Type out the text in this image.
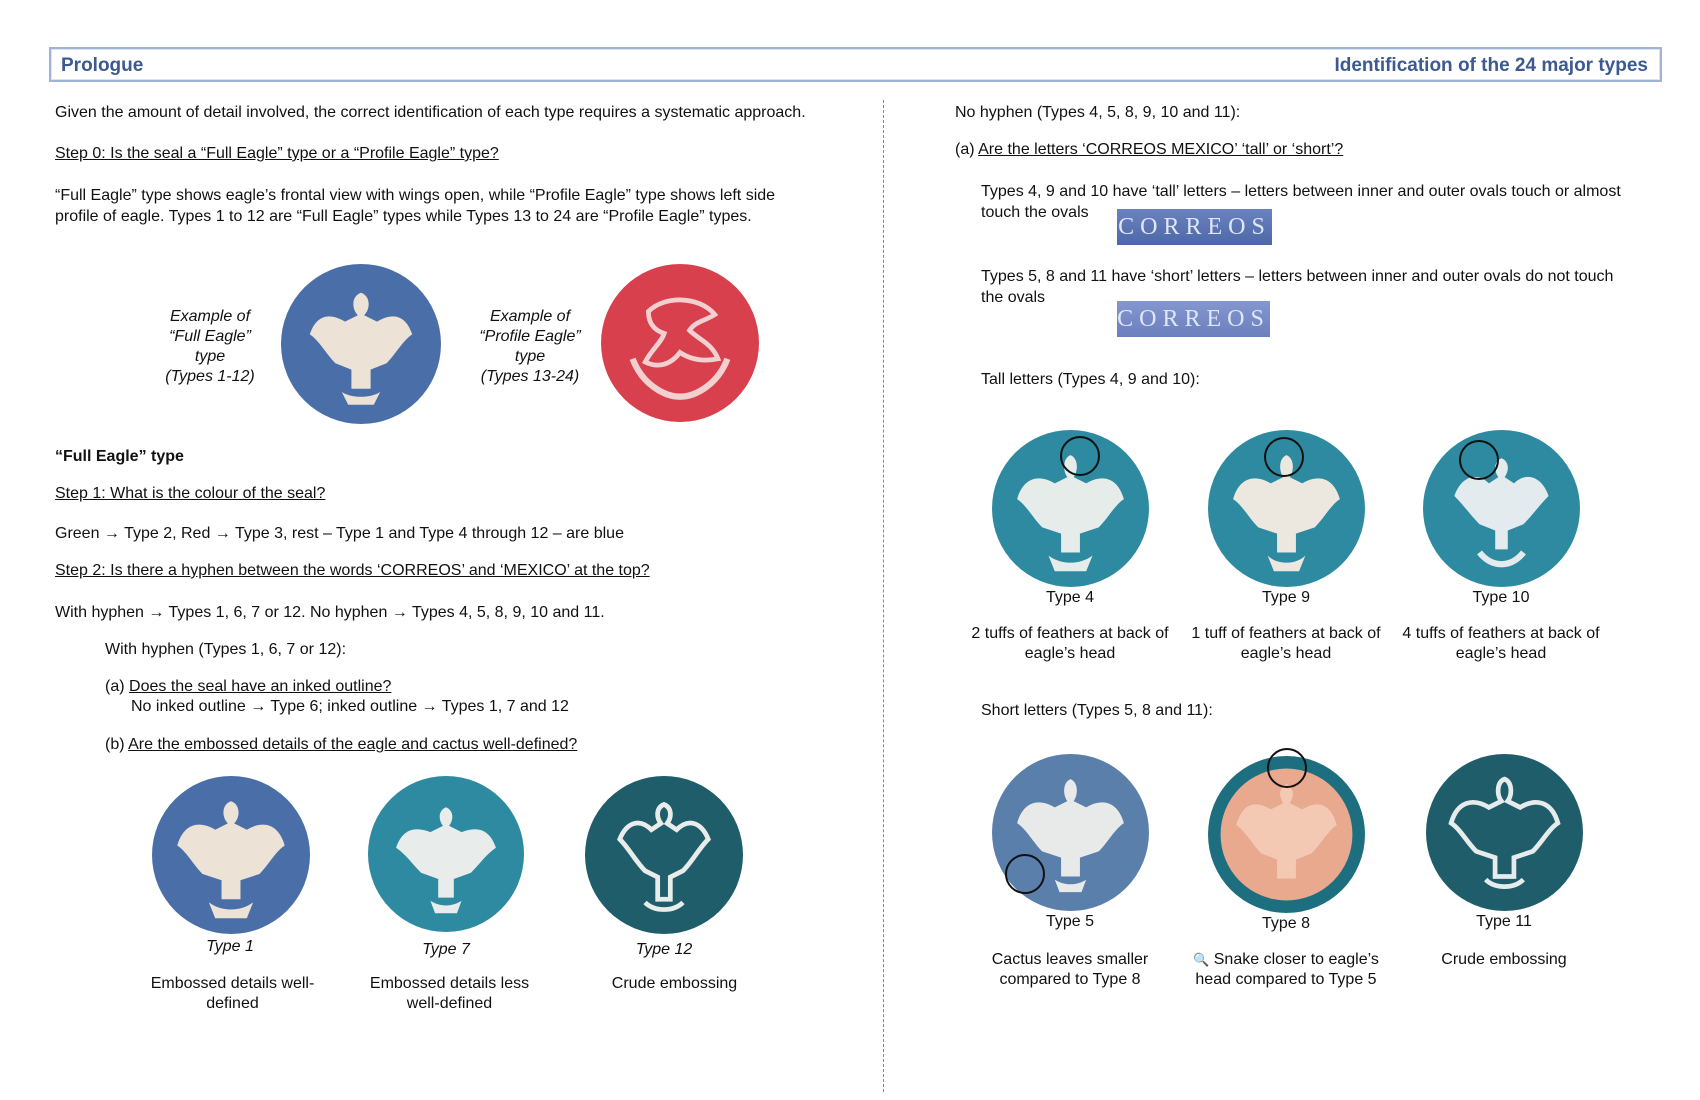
Prologue	Identification of the 24 major types
Given the amount of detail involved, the correct identification of each type requires a systematic approach.
Step 0: Is the seal a “Full Eagle” type or a “Profile Eagle” type?
“Full Eagle” type shows eagle’s frontal view with wings open, while “Profile Eagle” type shows left side
profile of eagle. Types 1 to 12 are “Full Eagle” types while Types 13 to 24 are “Profile Eagle” types.
Example of
“Full Eagle”
type
(Types 1-12)
Example of
“Profile Eagle”
type
(Types 13-24)
“Full Eagle” type
Step 1: What is the colour of the seal?
Green → Type 2, Red → Type 3, rest – Type 1 and Type 4 through 12 – are blue
Step 2: Is there a hyphen between the words ‘CORREOS’ and ‘MEXICO’ at the top?
With hyphen → Types 1, 6, 7 or 12. No hyphen → Types 4, 5, 8, 9, 10 and 11.
With hyphen (Types 1, 6, 7 or 12):
(a) Does the seal have an inked outline?
No inked outline → Type 6; inked outline → Types 1, 7 and 12
(b) Are the embossed details of the eagle and cactus well-defined?
Type 1	Type 7	Type 12
Embossed details well-defined
Embossed details less well-defined
Crude embossing
No hyphen (Types 4, 5, 8, 9, 10 and 11):
(a) Are the letters ‘CORREOS MEXICO’ ‘tall’ or ‘short’?
Types 4, 9 and 10 have ‘tall’ letters – letters between inner and outer ovals touch or almost
touch the ovals
CORREOS
Types 5, 8 and 11 have ‘short’ letters – letters between inner and outer ovals do not touch
the ovals
CORREOS
Tall letters (Types 4, 9 and 10):
Type 4	Type 9	Type 10
2 tuffs of feathers at back of eagle’s head
1 tuff of feathers at back of eagle’s head
4 tuffs of feathers at back of eagle’s head
Short letters (Types 5, 8 and 11):
Type 5	Type 8	Type 11
Cactus leaves smaller compared to Type 8
🔍 Snake closer to eagle’s head compared to Type 5
Crude embossing
